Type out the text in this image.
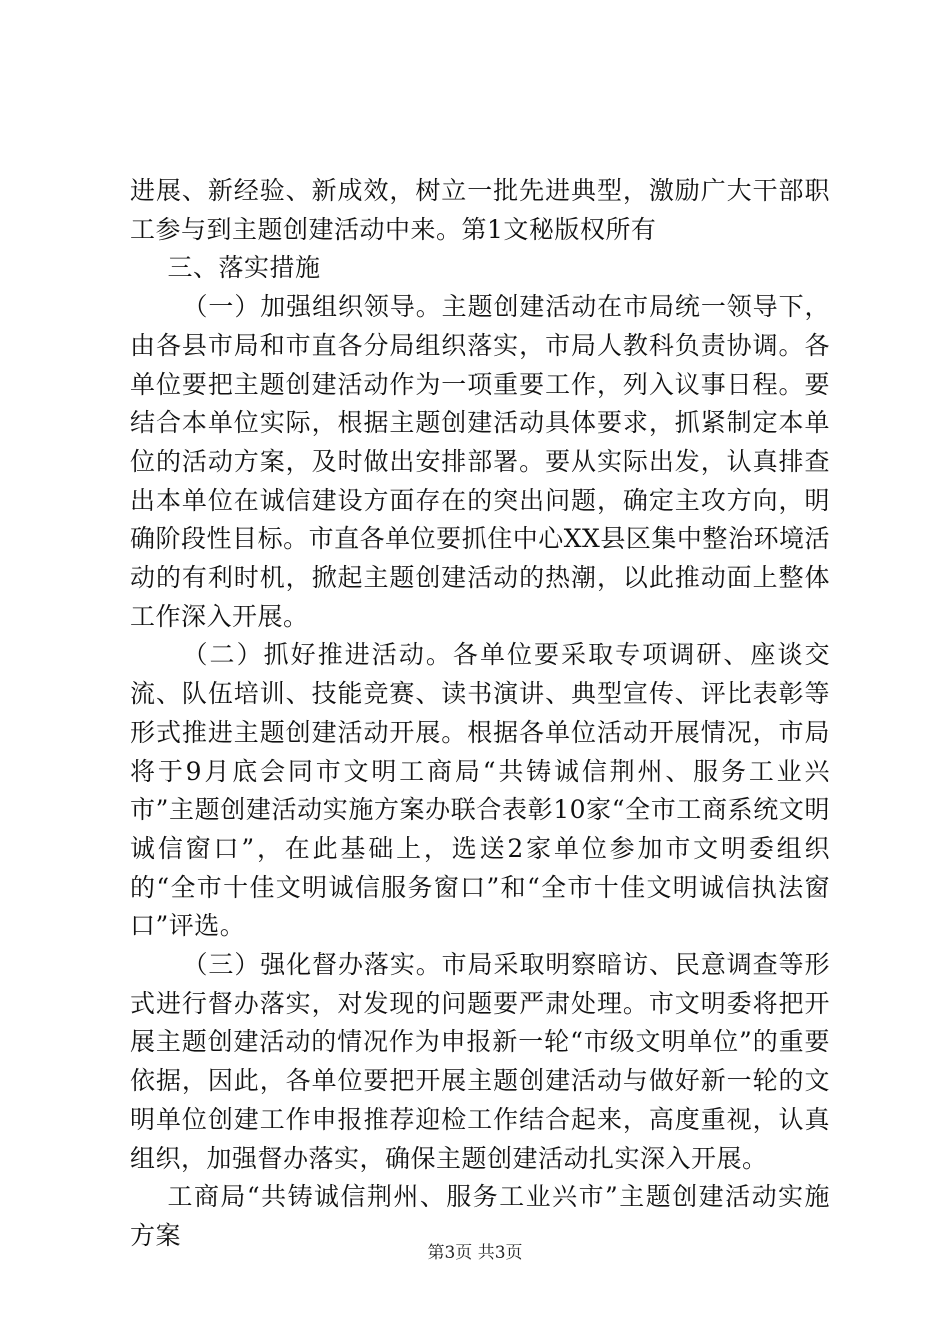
进展、新经验、新成效，树立一批先进典型，激励广大干部职工参与到主题创建活动中来。第1文秘版权所有

三、落实措施

（一）加强组织领导。主题创建活动在市局统一领导下，由各县市局和市直各分局组织落实，市局人教科负责协调。各单位要把主题创建活动作为一项重要工作，列入议事日程。要结合本单位实际，根据主题创建活动具体要求，抓紧制定本单位的活动方案，及时做出安排部署。要从实际出发，认真排查出本单位在诚信建设方面存在的突出问题，确定主攻方向，明确阶段性目标。市直各单位要抓住中心XX县区集中整治环境活动的有利时机，掀起主题创建活动的热潮，以此推动面上整体工作深入开展。

（二）抓好推进活动。各单位要采取专项调研、座谈交流、队伍培训、技能竞赛、读书演讲、典型宣传、评比表彰等形式推进主题创建活动开展。根据各单位活动开展情况，市局将于9月底会同市文明工商局“共铸诚信荆州、服务工业兴市”主题创建活动实施方案办联合表彰10家“全市工商系统文明诚信窗口”，在此基础上，选送2家单位参加市文明委组织的“全市十佳文明诚信服务窗口”和“全市十佳文明诚信执法窗口”评选。

（三）强化督办落实。市局采取明察暗访、民意调查等形式进行督办落实，对发现的问题要严肃处理。市文明委将把开展主题创建活动的情况作为申报新一轮“市级文明单位”的重要依据，因此，各单位要把开展主题创建活动与做好新一轮的文明单位创建工作申报推荐迎检工作结合起来，高度重视，认真组织，加强督办落实，确保主题创建活动扎实深入开展。

工商局“共铸诚信荆州、服务工业兴市”主题创建活动实施方案

第3页 共3页
